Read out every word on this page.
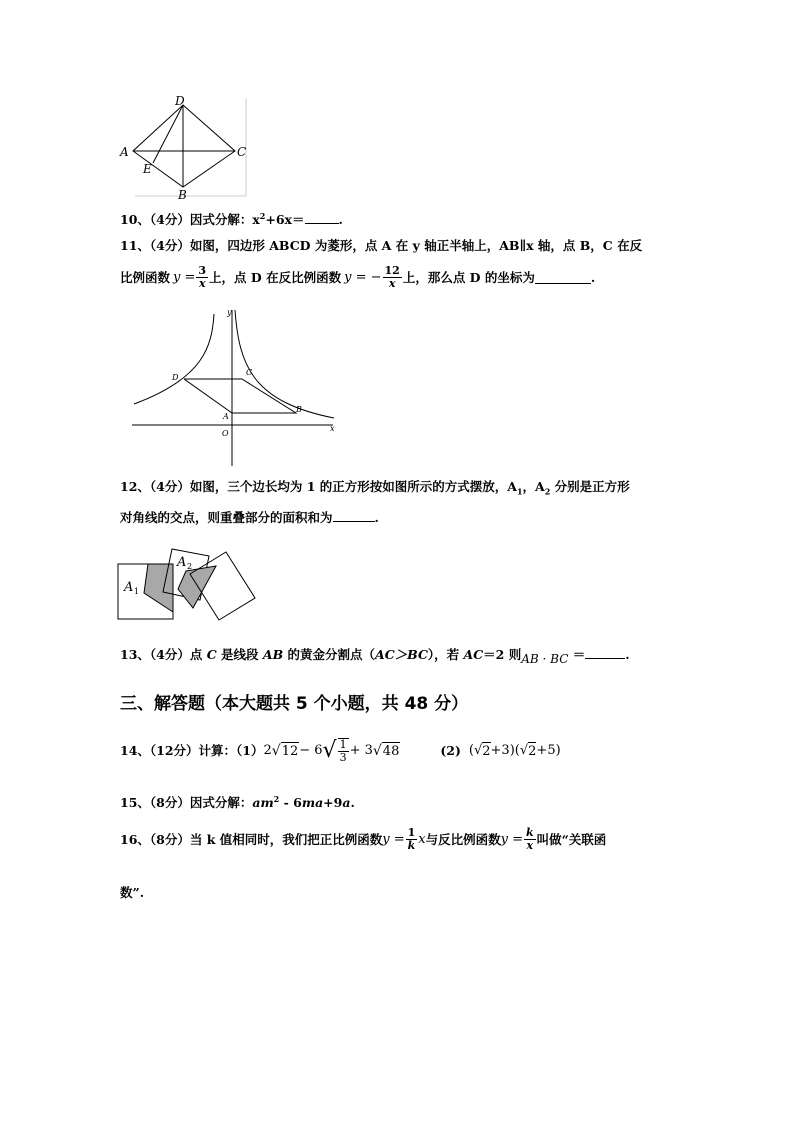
D
A	C
E
B
10、（4分）因式分解：$x^2+6x=$	.
11、（4分）如图，四边形 ABCD 为菱形，点 A 在 y 轴正半轴上，AB∥x 轴，点 B，C 在反
比例函数 $y = \frac{3}{x}$ 上，点 D 在反比例函数 y = − $\frac{12}{x}$ 上，那么点 D 的坐标为	.
y
x
O
A
B
C
D
12、（4分）如图，三个边长均为 1 的正方形按如图所示的方式摆放，$A_1$，$A_2$ 分别是正方形
对角线的交点，则重叠部分的面积和为	.
A 1
A 2
13、（4分）点 C 是线段 AB 的黄金分割点（AC＞BC），若 AC＝2 则AB · BC ＝	.
三、解答题（本大题共 5 个小题，共 48 分）
14、（12分）计算：（1） 2 √ 12 − 6 √ $\frac{1}{3} + 3$ √ 48	(2) ( √ 2 +3)( √ 2 +5)
15、（8分）因式分解：$am^2 - 6ma+9a$.
16、（8分）当 k 值相同时，我们把正比例函数 $y = \frac{1}{k}$ x 与反比例函数 $y = \frac{k}{x}$ 叫做“关联函
数”.
